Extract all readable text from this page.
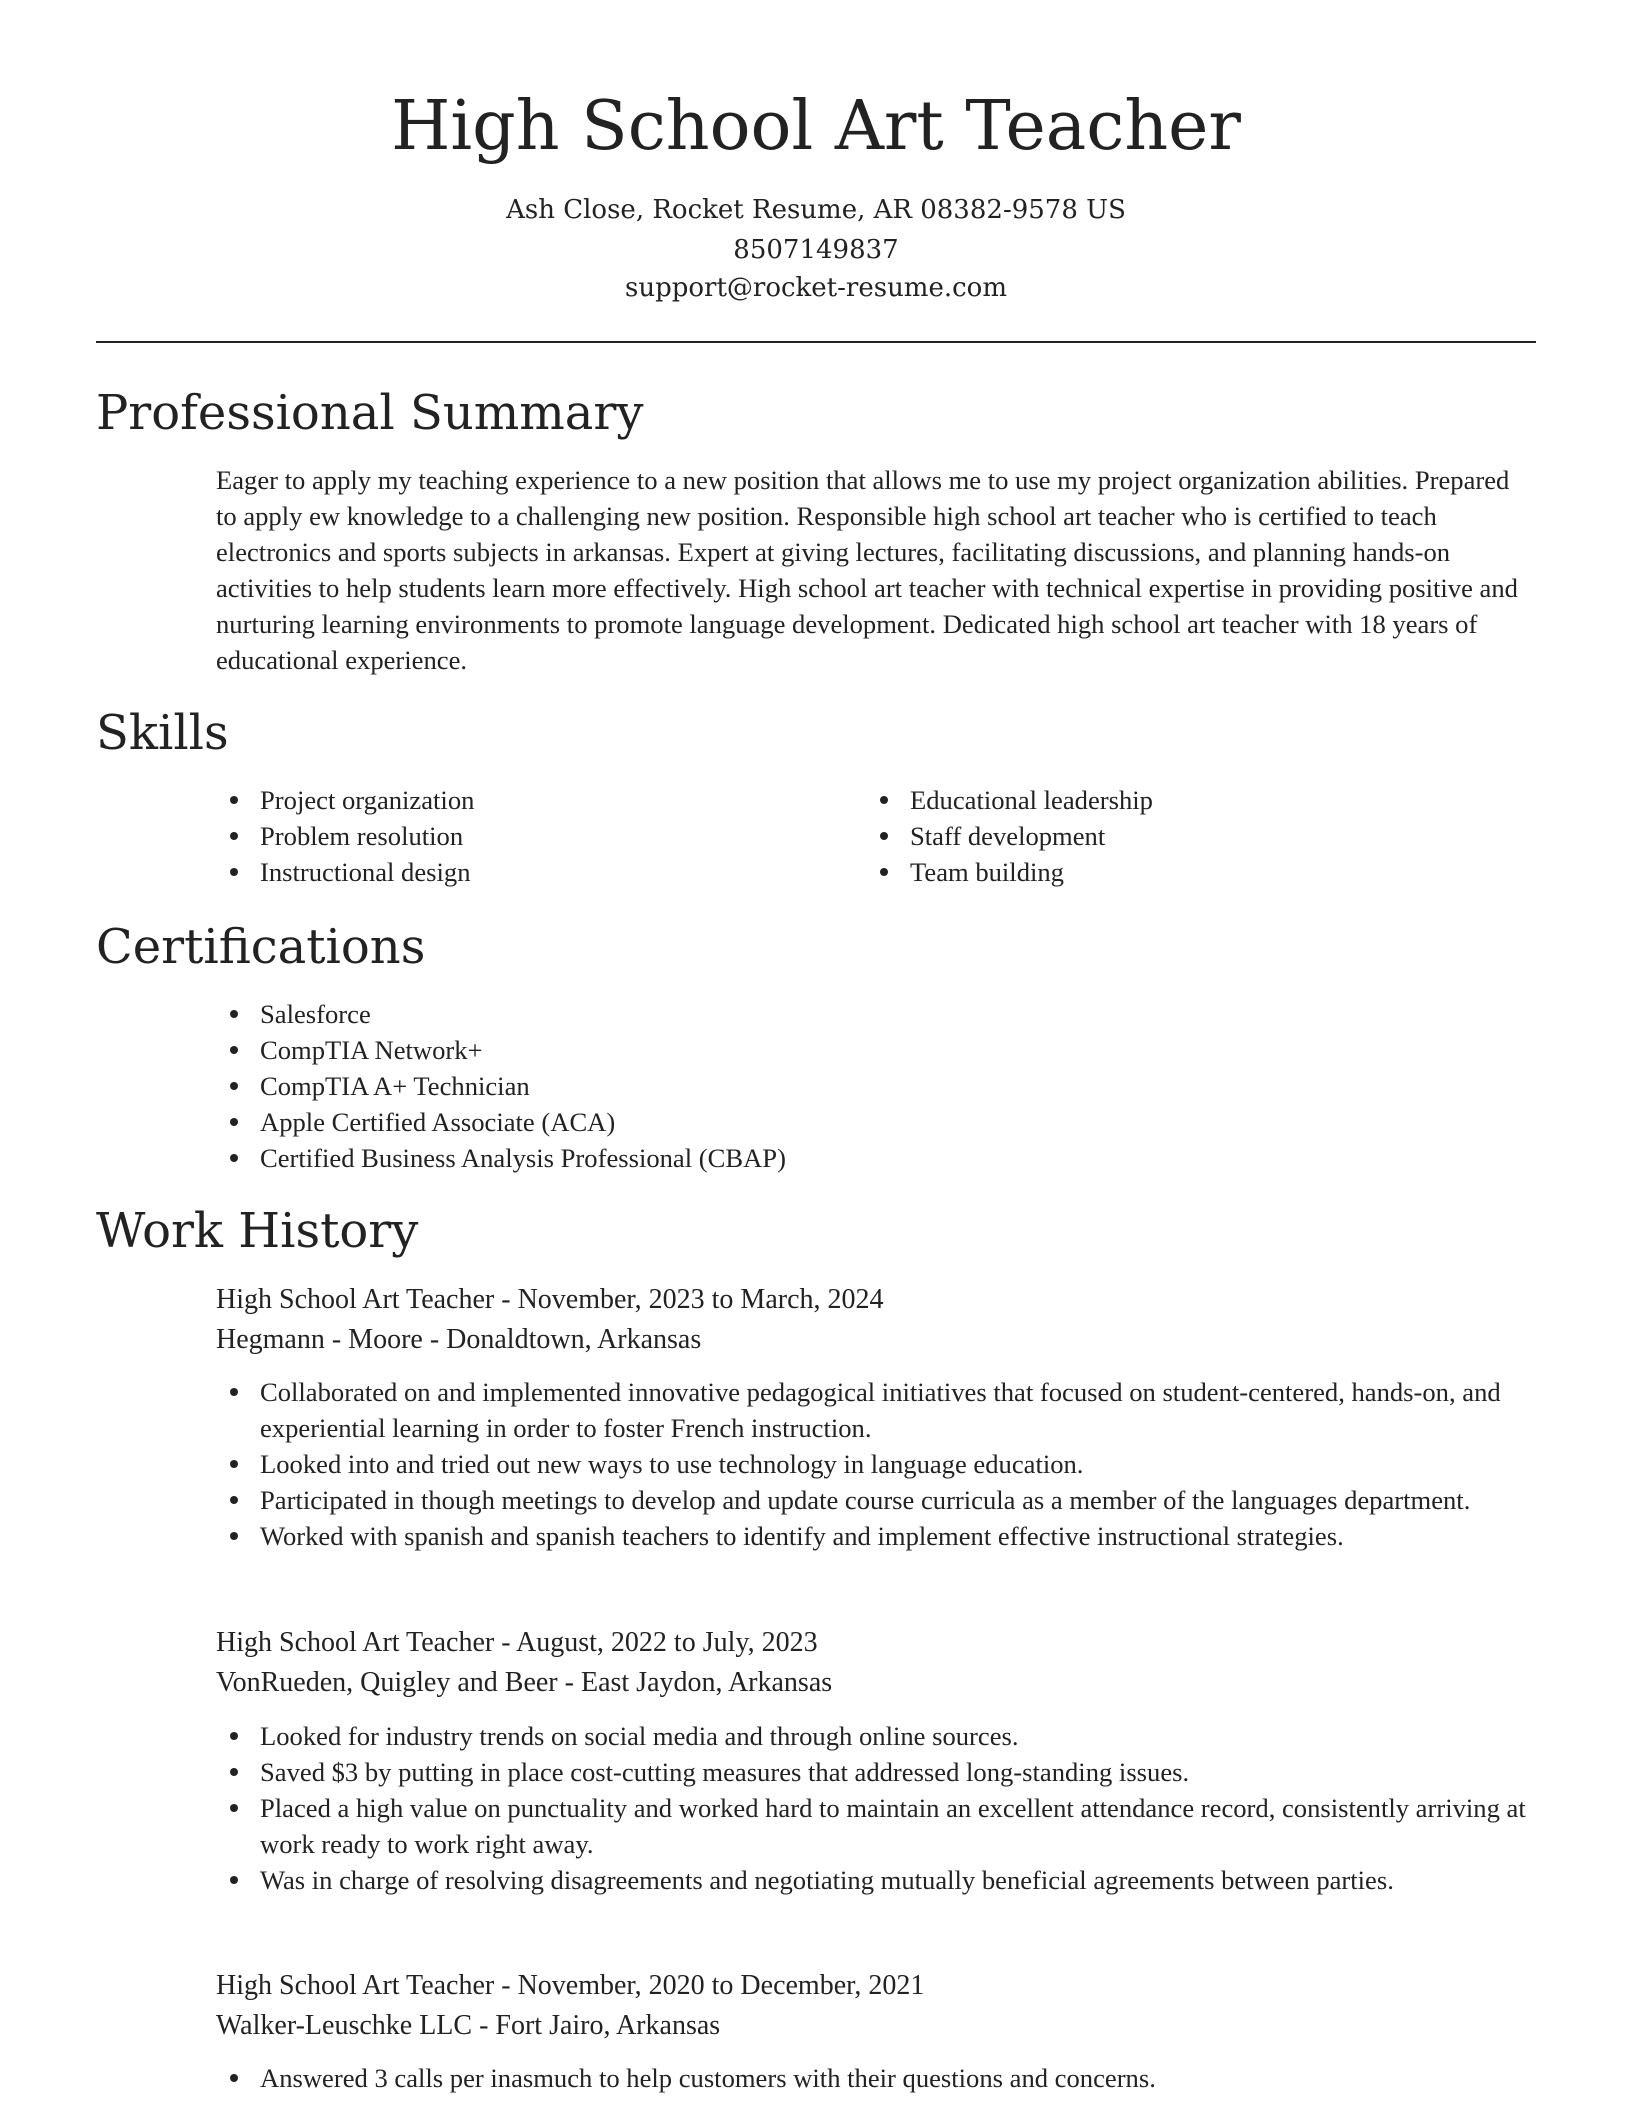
High School Art Teacher
Ash Close, Rocket Resume, AR 08382-9578 US
8507149837
support@rocket-resume.com
Professional Summary

Eager to apply my teaching experience to a new position that allows me to use my project organization abilities. Prepared to apply ew knowledge to a challenging new position. Responsible high school art teacher who is certified to teach electronics and sports subjects in arkansas. Expert at giving lectures, facilitating discussions, and planning hands-on activities to help students learn more effectively. High school art teacher with technical expertise in providing positive and nurturing learning environments to promote language development. Dedicated high school art teacher with 18 years of educational experience.

Skills
Project organization
Problem resolution
Instructional design
Educational leadership
Staff development
Team building
Certifications
Salesforce
CompTIA Network+
CompTIA A+ Technician
Apple Certified Associate (ACA)
Certified Business Analysis Professional (CBAP)
Work History
High School Art Teacher - November, 2023 to March, 2024
Hegmann - Moore - Donaldtown, Arkansas
Collaborated on and implemented innovative pedagogical initiatives that focused on student-centered, hands-on, and experiential learning in order to foster French instruction.
Looked into and tried out new ways to use technology in language education.
Participated in though meetings to develop and update course curricula as a member of the languages department.
Worked with spanish and spanish teachers to identify and implement effective instructional strategies.
High School Art Teacher - August, 2022 to July, 2023
VonRueden, Quigley and Beer - East Jaydon, Arkansas
Looked for industry trends on social media and through online sources.
Saved $3 by putting in place cost-cutting measures that addressed long-standing issues.
Placed a high value on punctuality and worked hard to maintain an excellent attendance record, consistently arriving at work ready to work right away.
Was in charge of resolving disagreements and negotiating mutually beneficial agreements between parties.
High School Art Teacher - November, 2020 to December, 2021
Walker-Leuschke LLC - Fort Jairo, Arkansas
Answered 3 calls per inasmuch to help customers with their questions and concerns.
